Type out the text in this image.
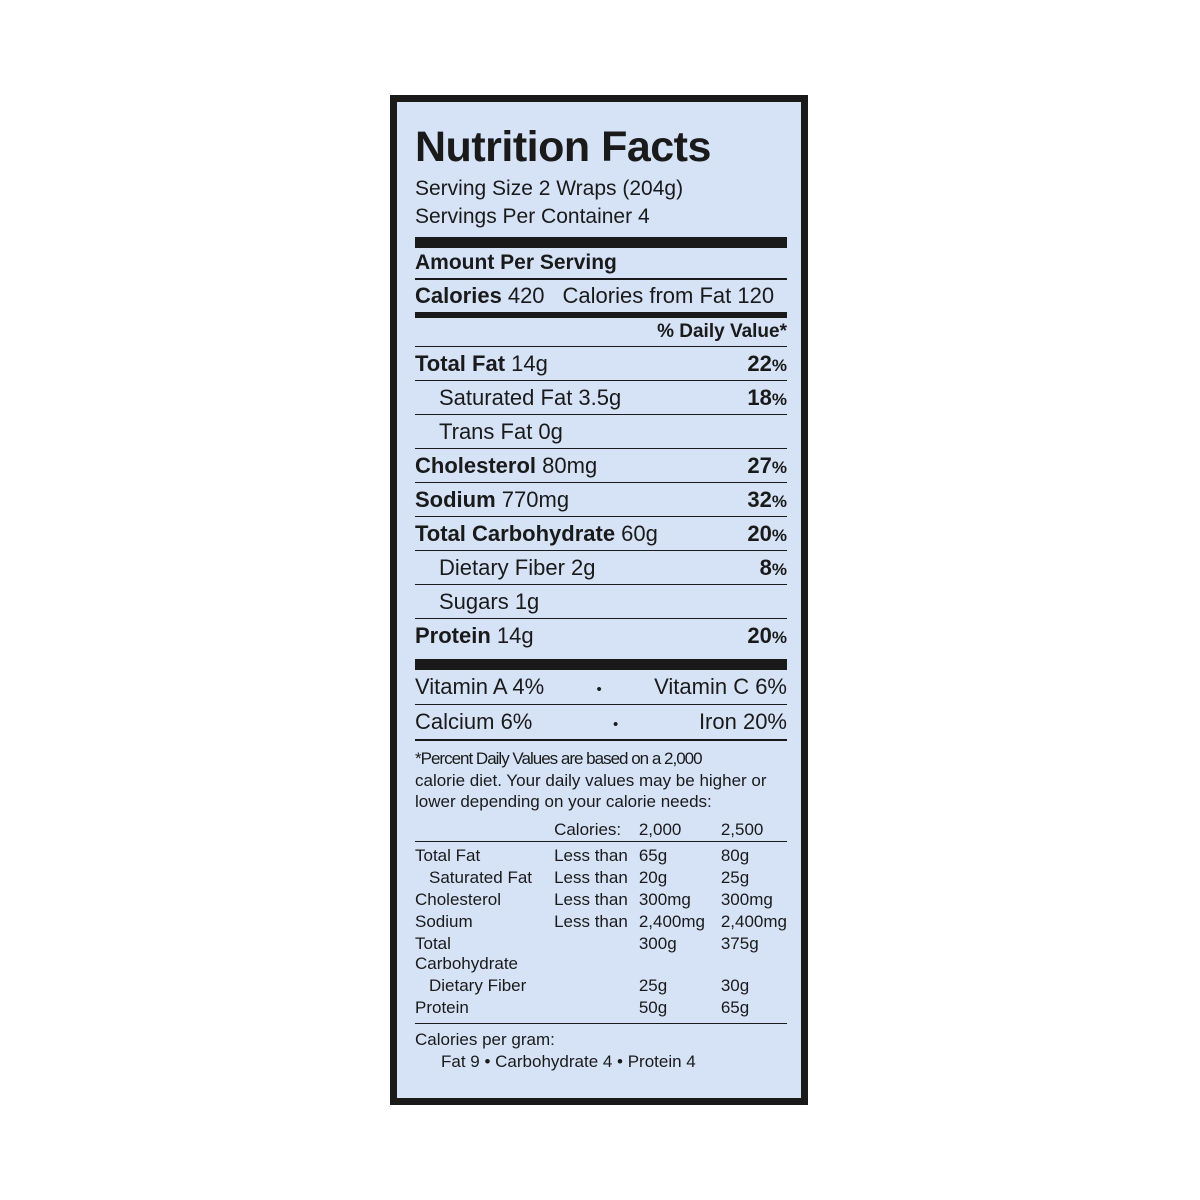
Nutrition Facts
Serving Size 2 Wraps (204g)
Servings Per Container 4
Amount Per Serving
Calories 420 Calories from Fat 120
% Daily Value*
Total Fat 14g	22%
Saturated Fat 3.5g	18%
Trans Fat 0g
Cholesterol 80mg	27%
Sodium 770mg	32%
Total Carbohydrate 60g	20%
Dietary Fiber 2g	8%
Sugars 1g
Protein 14g	20%
Vitamin A 4%	•	Vitamin C 6%
Calcium 6%	•	Iron 20%
*Percent Daily Values are based on a 2,000
calorie diet. Your daily values may be higher or
lower depending on your calorie needs:
	Calories:	2,000	2,500

Total Fat	Less than	65g	80g
Saturated Fat	Less than	20g	25g
Cholesterol	Less than	300mg	300mg
Sodium	Less than	2,400mg	2,400mg
Total Carbohydrate		300g	375g
Dietary Fiber		25g	30g
Protein		50g	65g
Calories per gram:
Fat 9 • Carbohydrate 4 • Protein 4
